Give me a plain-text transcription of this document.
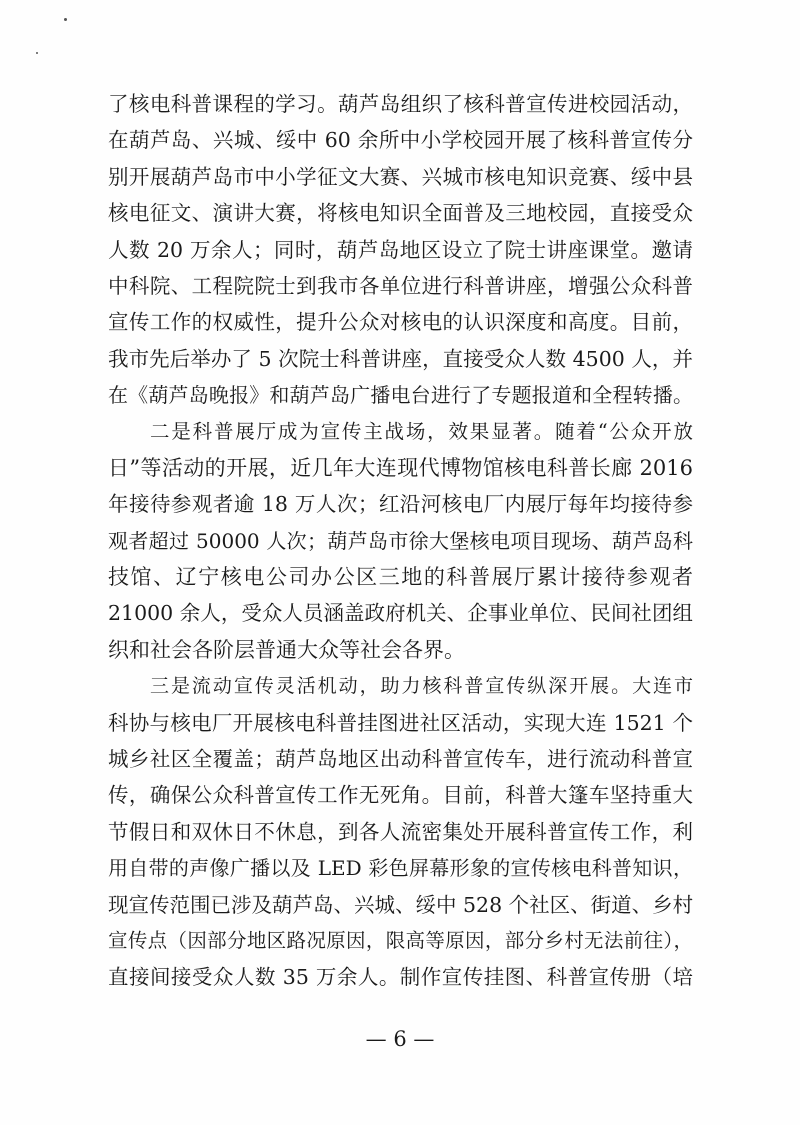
了核电科普课程的学习。葫芦岛组织了核科普宣传进校园活动，
在葫芦岛、兴城、绥中 60 余所中小学校园开展了核科普宣传分
别开展葫芦岛市中小学征文大赛、兴城市核电知识竞赛、绥中县
核电征文、演讲大赛，将核电知识全面普及三地校园，直接受众
人数 20 万余人；同时，葫芦岛地区设立了院士讲座课堂。邀请
中科院、工程院院士到我市各单位进行科普讲座，增强公众科普
宣传工作的权威性，提升公众对核电的认识深度和高度。目前，
我市先后举办了 5 次院士科普讲座，直接受众人数 4500 人，并
在《葫芦岛晚报》和葫芦岛广播电台进行了专题报道和全程转播。
二是科普展厅成为宣传主战场，效果显著。随着“公众开放
日”等活动的开展，近几年大连现代博物馆核电科普长廊 2016
年接待参观者逾 18 万人次；红沿河核电厂内展厅每年均接待参
观者超过 50000 人次；葫芦岛市徐大堡核电项目现场、葫芦岛科
技馆、辽宁核电公司办公区三地的科普展厅累计接待参观者
21000 余人，受众人员涵盖政府机关、企事业单位、民间社团组
织和社会各阶层普通大众等社会各界。
三是流动宣传灵活机动，助力核科普宣传纵深开展。大连市
科协与核电厂开展核电科普挂图进社区活动，实现大连 1521 个
城乡社区全覆盖；葫芦岛地区出动科普宣传车，进行流动科普宣
传，确保公众科普宣传工作无死角。目前，科普大篷车坚持重大
节假日和双休日不休息，到各人流密集处开展科普宣传工作，利
用自带的声像广播以及 LED 彩色屏幕形象的宣传核电科普知识，
现宣传范围已涉及葫芦岛、兴城、绥中 528 个社区、街道、乡村
宣传点（因部分地区路况原因，限高等原因，部分乡村无法前往），
直接间接受众人数 35 万余人。制作宣传挂图、科普宣传册（培
— 6 —
